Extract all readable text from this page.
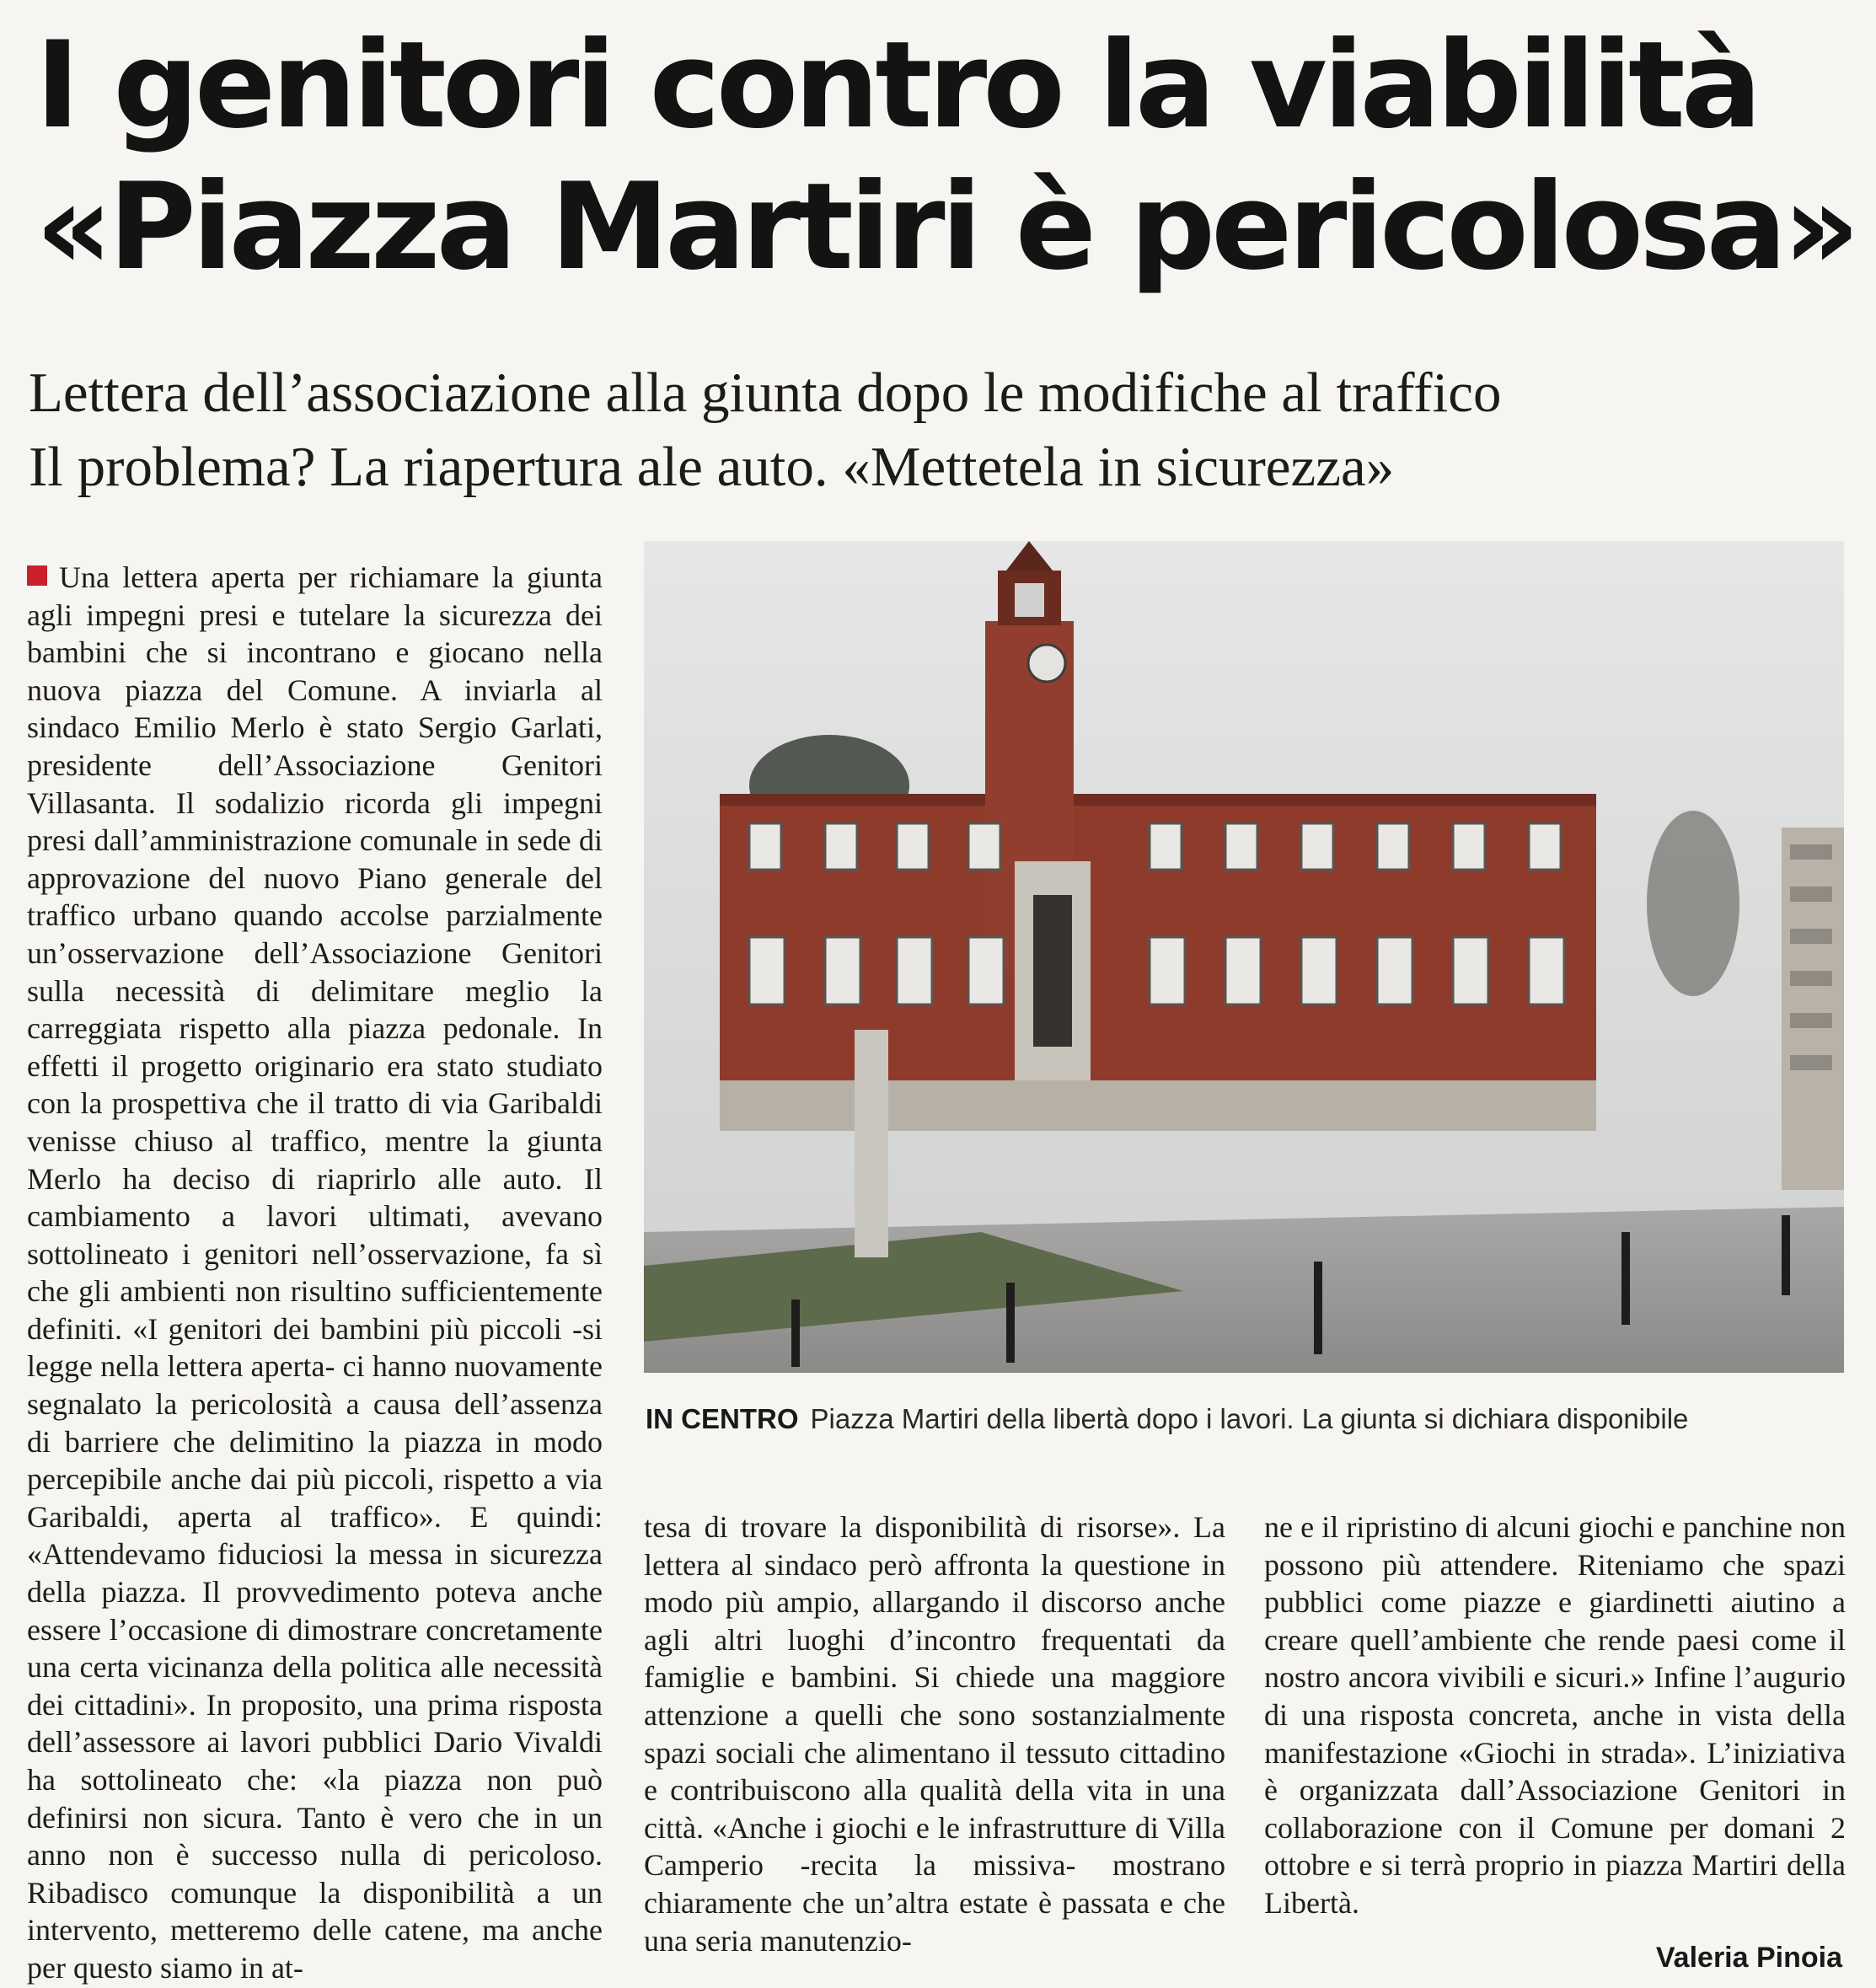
I genitori contro la viabilità
«Piazza Martiri è pericolosa»
Lettera dell’associazione alla giunta dopo le modifiche al traffico
Il problema? La riapertura ale auto. «Mettetela in sicurezza»

Una lettera aperta per richiamare la giunta agli impegni presi e tutelare la sicurezza dei bambini che si incontrano e giocano nella nuova piazza del Comune. A inviarla al sindaco Emilio Merlo è stato Sergio Garlati, presidente dell’Associazione Genitori Villasanta. Il sodalizio ricorda gli impegni presi dall’amministrazione comunale in sede di approvazione del nuovo Piano generale del traffico urbano quando accolse parzialmente un’osservazione dell’Associazione Genitori sulla necessità di delimitare meglio la carreggiata rispetto alla piazza pedonale. In effetti il progetto originario era stato studiato con la prospettiva che il tratto di via Garibaldi venisse chiuso al traffico, mentre la giunta Merlo ha deciso di riaprirlo alle auto. Il cambiamento a lavori ultimati, avevano sottolineato i genitori nell’osservazione, fa sì che gli ambienti non risultino sufficientemente definiti. «I genitori dei bambini più piccoli -si legge nella lettera aperta- ci hanno nuovamente segnalato la pericolosità a causa dell’assenza di barriere che delimitino la piazza in modo percepibile anche dai più piccoli, rispetto a via Garibaldi, aperta al traffico». E quindi: «Attendevamo fiduciosi la messa in sicurezza della piazza. Il provvedimento poteva anche essere l’occasione di dimostrare concretamente una certa vicinanza della politica alle necessità dei cittadini». In proposito, una prima risposta dell’assessore ai lavori pubblici Dario Vivaldi ha sottolineato che: «la piazza non può definirsi non sicura. Tanto è vero che in un anno non è successo nulla di pericoloso. Ribadisco comunque la disponibilità a un intervento, metteremo delle catene, ma anche per questo siamo in at-

IN CENTRO Piazza Martiri della libertà dopo i lavori. La giunta si dichiara disponibile

tesa di trovare la disponibilità di risorse». La lettera al sindaco però affronta la questione in modo più ampio, allargando il discorso anche agli altri luoghi d’incontro frequentati da famiglie e bambini. Si chiede una maggiore attenzione a quelli che sono sostanzialmente spazi sociali che alimentano il tessuto cittadino e contribuiscono alla qualità della vita in una città. «Anche i giochi e le infrastrutture di Villa Camperio -recita la missiva- mostrano chiaramente che un’altra estate è passata e che una seria manutenzio-

ne e il ripristino di alcuni giochi e panchine non possono più attendere. Riteniamo che spazi pubblici come piazze e giardinetti aiutino a creare quell’ambiente che rende paesi come il nostro ancora vivibili e sicuri.» Infine l’augurio di una risposta concreta, anche in vista della manifestazione «Giochi in strada». L’iniziativa è organizzata dall’Associazione Genitori in collaborazione con il Comune per domani 2 ottobre e si terrà proprio in piazza Martiri della Libertà.

Valeria Pinoia
